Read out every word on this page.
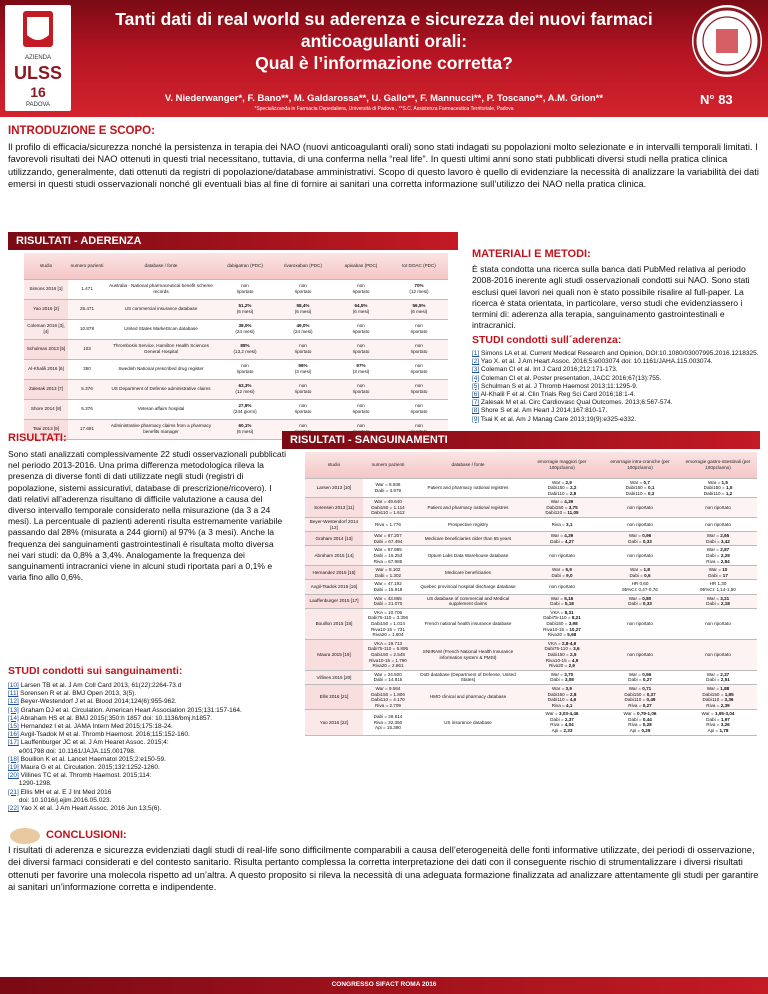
AZIENDA
ULSS
16
PADOVA
Tanti dati di real world su aderenza e sicurezza dei nuovi farmaci
anticoagulanti orali:
Qual è l’informazione corretta?
V. Niederwanger*, F. Bano**, M. Galdarossa**, U. Gallo**, F. Mannucci**, P. Toscano**, A.M. Grion**
*Specializzanda in Farmacia Ospedaliera, Università di Padova , **S.C. Assistenza Farmaceutica Territoriale, Padova
N° 83
INTRODUZIONE E SCOPO:
Il profilo di efficacia/sicurezza nonché la persistenza in terapia dei NAO (nuovi anticoagulanti orali) sono stati indagati su popolazioni molto selezionate e in intervalli temporali limitati. I favorevoli risultati dei NAO ottenuti in questi trial necessitano, tuttavia, di una conferma nella “real life”. In questi ultimi anni sono stati pubblicati diversi studi nella pratica clinica utilizzando, generalmente, dati ottenuti da registri di popolazione/database amministrativi. Scopo di questo lavoro è quello di evidenziare la necessità di analizzare la variabilità dei dati emersi in questi studi osservazionali nonché gli eventuali bias al fine di fornire ai sanitari una corretta informazione sull’utilizzo dei NAO nella pratica clinica.
RISULTATI - ADERENZA
studio	numero pazienti	database / fonte	dabigatran (PDC)	rivaroxaban (PDC)	apixaban (PDC)	tot DOAC (PDC)
Simons 2016 [1]	1.471	Australia - National pharmaceutical benefit scheme records	non
riportato	non
riportato	non
riportato	70%
(12 mesi)
Yao 2016 [2]	26.471	US commercial insurance database	51,2%
(6 mesi)	58,4%
(6 mesi)	64,5%
(6 mesi)	56,5%
(6 mesi)
Coleman 2016 [3], [4]	10.878	United States MarketScan database	38,0%
(24 mesi)	49,0%
(24 mesi)	non
riportato	non
riportato
Schulman 2013 [5]	103	Thrombosis Service, Hamilton Health Sciences General Hospital	88%
(13,2 mesi)	non
riportato	non
riportato	non
riportato
Al-Khalili 2016 [6]	350	Swedish National prescribed drug register	non
riportato	96%
(3 mesi)	97%
(3 mesi)	non
riportato
Zalesak 2013 [7]	5.376	US Department of Defense administrative claims	63,3%
(12 mesi)	non
riportato	non
riportato	non
riportato
Shore 2014 [8]	5.376	Veteran affairs hospital	27,8%
(244 giorni)	non
riportato	non
riportato	non
riportato
Tsai 2013 [9]	17.691	Administrative pharmacy claims from a pharmacy benefits manager	60,1%
(6 mesi)	non	non	non

MATERIALI E METODI:
È stata condotta una ricerca sulla banca dati PubMed relativa al periodo 2008-2016 inerente agli studi osservazionali condotti sui NAO. Sono stati esclusi quei lavori nei quali non è stato possibile risalire al full-paper. La ricerca è stata orientata, in particolare, verso studi che evidenziassero i termini di: aderenza alla terapia, sanguinamento gastrointestinali e intracranici.
STUDI condotti sull´aderenza:
[1] Simons LA et al. Current Medical Research and Opinion, DOI:10.1080/03007995.2016.1218325.
[2] Yao X. et al. J Am Heart Assoc. 2016;5:e003074 doi: 10.1161/JAHA.115.003074.
[3] Coleman CI et al. Int J Card 2016;212:171-173.
[4] Coleman CI et al. Poster presentation, JACC 2016;67(13):755.
[5] Schulman S et al. J Thromb Haemost 2013;11:1295-9.
[6] Al-Khalil F et al. Clin Trials Reg Sci Card 2016;18:1-4.
[7] Zalesak M et al. Circ Cardiovasc Qual Outcomes. 2013;6:567-574.
[8] Shore S et al. Am Heart J 2014;167:810-17.
[9] Tsai K et al. Am J Manag Care 2013;19(9):e325-e332.
RISULTATI:
Sono stati analizzati complessivamente 22 studi osservazionali pubblicati nel periodo 2013-2016. Una prima differenza metodologica rileva la presenza di diverse fonti di dati utilizzate negli studi (registri di popolazione, sistemi assicurativi, database di prescrizione/ricovero). I dati relativi all’aderenza risultano di difficile valutazione a causa del diverso intervallo temporale considerato nella misurazione (da 3 a 24 mesi). La percentuale di pazienti aderenti risulta estremamente variabile passando dal 28% (misurata a 244 giorni) al 97% (a 3 mesi). Anche la frequenza dei sanguinamenti gastrointestinali è risultata molto diversa nei vari studi: da 0,8% a 3,4%. Analogamente la frequenza dei sanguinamenti intracranici viene in alcuni studi riportata pari a 0,1% e varia fino allo 0,6%.
STUDI condotti sui sanguinamenti:
[10] Larsen TB et al. J Am Coll Card 2013, 61(22):2264-73.d
[11] Sorensen R et al. BMJ Open 2013, 3(5).
[12] Beyer-Westendorf J et al. Blood 2014;124(6):955-962.
[13] Graham DJ et al. Circulation. American Heart Association 2015;131:157-164.
[14] Abraham HS et al. BMJ 2015(;350:h 1857 doi: 10.1136/bmj.h1857.
[15] Hernandez I et al. JAMA Intern Med 2015;175:18-24.
[16] Avgil-Tsadok M et al. Thromb Haemost. 2016;115:152-160.
[17] Lauffenburger JC et al. J Am Hearet Assoc. 2015;4:
e001798 doi: 10.1161/JAJA.115.001798.
[18] Bouillon K et al. Lancet Haematol 2015;2:e150-59.
[19] Maura G et al. Circulation. 2015;132:1252-1260.
[20] Villines TC et al. Thromb Haemost. 2015;114:
1290-1298.
[21] Ellis MH et al. E J Int Med 2016
doi: 10.1016/j.ejim.2016.05.023.
[22] Yao X et al. J Am Heart Assoc. 2016 Jun 13;5(6).
RISULTATI - SANGUINAMENTI
studio	numero pazienti	database / fonte	emorragie maggiori (per 100pz/anno)	emorragie intra-craniche (per 100pz/anno)	emorragie gastro-intestinali (per 100pz/anno)
Larsen 2013 [10]	War = 8.936
Dabi = 4.978	Patient and pharmacy national registres	War = 2,9
Dabi150 = 2,2
Dabi110 = 2,8	War = 0,7
Dabi150 = 0,1
Dabi110 = 0,3	War = 1,5
Dabi150 = 1,5
Dabi110 = 1,2
Sorensen 2013 [11]	War = 49.640
Dabi150 = 1.114
Dabi110 = 1.612	Patient and pharmacy national registres	War = 4,39
Dabi150 = 3,75
Dabi110 = 11,05	non riportato	non riportato
Beyer-Westendorf 2014 [12]	Riva = 1.776	Prospective registry	Riva = 3,1	non riportato	non riportato
Graham 2014 [13]	War = 67.207
Dabi = 67.494	Medicare beneficiaries older than 65 years	War = 4,39
Dabi = 4,27	War = 0,96
Dabi = 0,33	War = 2,65
Dabi = 3,42
Abraham 2015 [14]	War = 67.985
Dabi = 16.253
Riva = 67.985	Optum Labs Data Warehouse database	non riportato	non riportato	War = 2,87
Dabi = 2,29
Riva = 2,84
Hernandez 2015 [15]	War = 8.102
Dabi = 1.302	Medicare beneficiaries	War = 5,9
Dabi = 9,0	War = 1,8
Dabi = 0,6	War = 10
Dabi = 17
Avgil-Tsadok 2015 [16]	War = 47.192
Dabi = 15.918	Quebec provincial hospital discharge database	non riportato	HR 0,60
95%CI: 0,47-0,76	HR 1,30
95%CI: 1,14-1,50
Lauffenburger 2015 [17]	War = 43.865
Dabi = 21.070	US database of commercial and Medical supplement claims	War = 5,16
Dabi = 5,18	War = 0,80
Dabi = 0,33	War = 3,21
Dabi = 2,18
Bouillon 2015 [18]	VKA = 10.705
Dabi75-110 = 3.356
Dabi150 = 1.014
Riva10-15 = 731
Riva20 = 1.604	French national health insurance database	VKA = 8,31
Dabi75-110 = 8,21
Dabi150 = 3,98
Riva10-15 = 10,27
Riva20 = 5,68	non riportato	non riportato
Maura 2015 [19]	VKA = 19.713
Dabi75-110 = 5.895
Dabi150 = 2.548
Riva10-15 = 1.790
Riva20 = 2.861	SNIIRAM (French National Health Insurance information system & PMSI)	VKA = 2,8-4,9
Dabi75-110 = 3,6
Dabi150 = 2,5
Riva10-15 = 4,9
Riva20 = 2,9	non riportato	non riportato
Villines 2015 [20]	War = 24.500
Dabi = 14.815	DoD database (Department of Defense, United States)	War = 3,70
Dabi = 3,08	War = 0,56
Dabi = 0,27	War = 2,37
Dabi = 2,51
Ellis 2016 [21]	War = 9.564
Dabi150 = 1.806
Dabi110 = 4.170
Riva = 2.709	HMO clinical and pharmacy database	War = 3,9
Dabi150 = 2,8
Dabi110 = 4,6
Riva = 4,1	War = 0,71
Dabi150 = 0,37
Dabi110 = 0,49
Riva = 0,27	War = 1,88
Dabi150 = 1,85
Dabi110 = 3,36
Riva = 2,39
Yao 2016 [22]	Dabi = 28.614
Riva = 32.350
Api = 15.390	US insurance database	War = 3,03-4,46
Dabi = 2,37
Riva = 4,04
Api = 2,33	War = 0,79-1,06
Dabi = 0,44
Riva = 0,28
Api = 0,29	War = 1,95-3,04
Dabi = 1,97
Riva = 3,26
Api = 1,78
CONCLUSIONI:
I risultati di aderenza e sicurezza evidenziati dagli studi di real-life sono difficilmente comparabili a causa dell’eterogeneità delle fonti informative utilizzate, dei periodi di osservazione, dei diversi farmaci considerati e del contesto sanitario. Risulta pertanto complessa la corretta interpretazione dei dati con il conseguente rischio di strumentalizzare i diversi risultati ottenuti per favorire una molecola rispetto ad un’altra. A questo proposito si rileva la necessità di una adeguata formazione finalizzata ad analizzare attentamente gli studi per garantire ai sanitari un’informazione corretta e indipendente.
CONGRESSO SIFACT ROMA 2016
